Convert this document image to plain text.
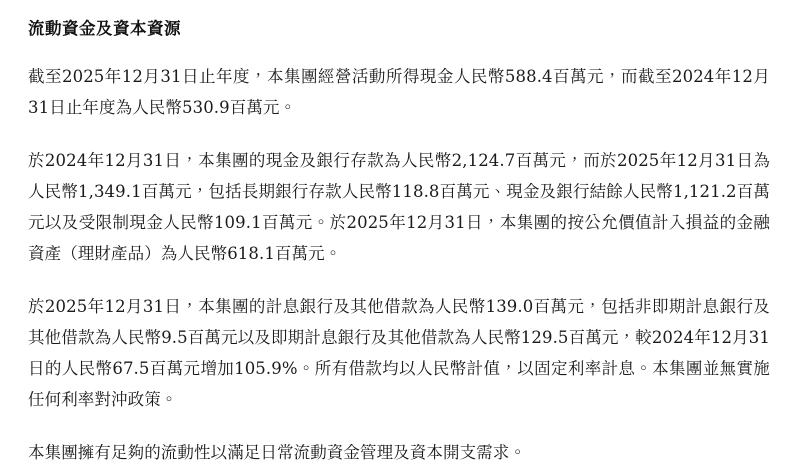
流動資金及資本資源

截至2025年12月31日止年度，本集團經營活動所得現金人民幣588.4百萬元，而截至2024年12月31日止年度為人民幣530.9百萬元。

於2024年12月31日，本集團的現金及銀行存款為人民幣2,124.7百萬元，而於2025年12月31日為人民幣1,349.1百萬元，包括長期銀行存款人民幣118.8百萬元、現金及銀行結餘人民幣1,121.2百萬元以及受限制現金人民幣109.1百萬元。於2025年12月31日，本集團的按公允價值計入損益的金融資產（理財產品）為人民幣618.1百萬元。

於2025年12月31日，本集團的計息銀行及其他借款為人民幣139.0百萬元，包括非即期計息銀行及其他借款為人民幣9.5百萬元以及即期計息銀行及其他借款為人民幣129.5百萬元，較2024年12月31日的人民幣67.5百萬元增加105.9%。所有借款均以人民幣計值，以固定利率計息。本集團並無實施任何利率對沖政策。

本集團擁有足夠的流動性以滿足日常流動資金管理及資本開支需求。
